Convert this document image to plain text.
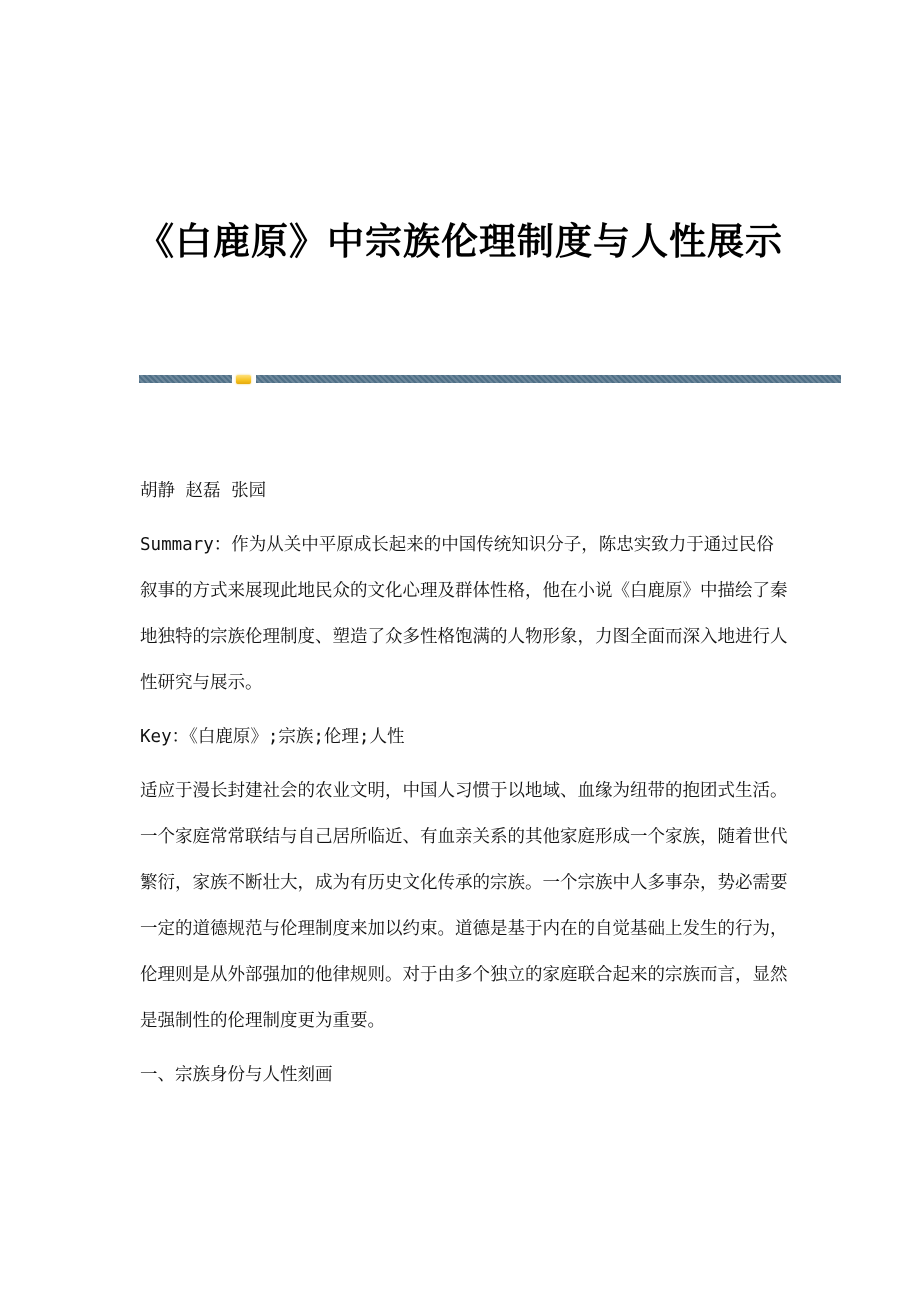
《白鹿原》中宗族伦理制度与人性展示

胡静 赵磊 张园

Summary：作为从关中平原成长起来的中国传统知识分子，陈忠实致力于通过民俗叙事的方式来展现此地民众的文化心理及群体性格，他在小说《白鹿原》中描绘了秦地独特的宗族伦理制度、塑造了众多性格饱满的人物形象，力图全面而深入地进行人性研究与展示。

Key：《白鹿原》;宗族;伦理;人性

适应于漫长封建社会的农业文明，中国人习惯于以地域、血缘为纽带的抱团式生活。一个家庭常常联结与自己居所临近、有血亲关系的其他家庭形成一个家族，随着世代繁衍，家族不断壮大，成为有历史文化传承的宗族。一个宗族中人多事杂，势必需要一定的道德规范与伦理制度来加以约束。道德是基于内在的自觉基础上发生的行为，伦理则是从外部强加的他律规则。对于由多个独立的家庭联合起来的宗族而言，显然是强制性的伦理制度更为重要。

一、宗族身份与人性刻画
